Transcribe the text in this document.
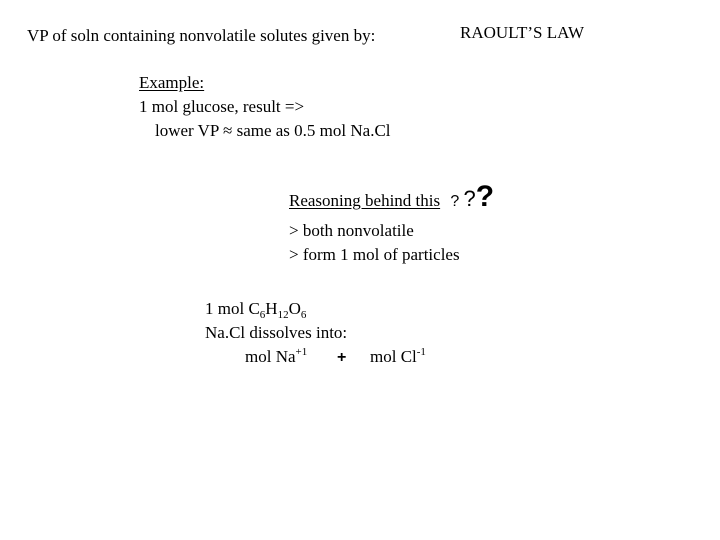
VP of soln containing nonvolatile solutes given by:	RAOULT’S LAW
Example:
1 mol glucose, result =>
lower VP ≈ same as 0.5 mol Na.Cl
Reasoning behind this ? ??
> both nonvolatile
> form 1 mol of particles
1 mol $C_6H_{12}O_6$
Na.Cl dissolves into:
mol $Na^{+1}$ + mol $Cl^{-1}$
